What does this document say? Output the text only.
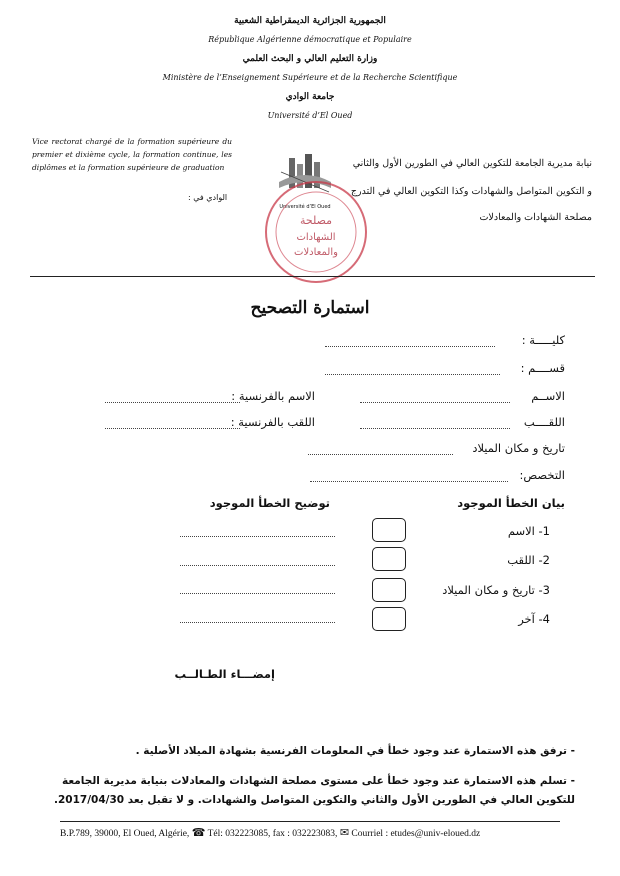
الجمهورية الجزائرية الديمقراطية الشعبية
République Algérienne démocratique et Populaire
وزارة التعليم العالي و البحث العلمي
Ministère de l’Enseignement Supérieure et de la Recherche Scientifique
جامعة الوادي
Université d’El Oued
Vice rectorat chargé de la formation supérieure du premier et dixième cycle, la formation continue, les diplômes et la formation supérieure de graduation
الوادي في :
Université d’El Oued
مصلحة
الشهادات
والمعادلات
نيابة مديرية الجامعة للتكوين العالي في الطورين الأول والثاني
و التكوين المتواصل والشهادات وكذا التكوين العالي في التدرج
مصلحة الشهادات والمعادلات
استمارة التصحيح
كليـــــة :
قســــم :
الاســم
الاسم بالفرنسية :
اللقــــب
اللقب بالفرنسية :
تاريخ و مكان الميلاد
التخصص:
بيان الخطأ الموجود
توضيح الخطأ الموجود
1- الاسم
2- اللقب
3- تاريخ و مكان الميلاد
4- آخر
إمضـــاء الطـالــب
- ترفق هذه الاستمارة عند وجود خطأ في المعلومات الفرنسية بشهادة الميلاد الأصلية .
- تسلم هذه الاستمارة عند وجود خطأ على مستوى مصلحة الشهادات والمعادلات بنيابة مديرية الجامعة
للتكوين العالي في الطورين الأول والثاني والتكوين المتواصل والشهادات. و لا تقبل بعد 2017/04/30.
B.P.789, 39000, El Oued, Algérie, ☎ Tél: 032223085, fax : 032223083, ✉ Courriel : etudes@univ-eloued.dz
